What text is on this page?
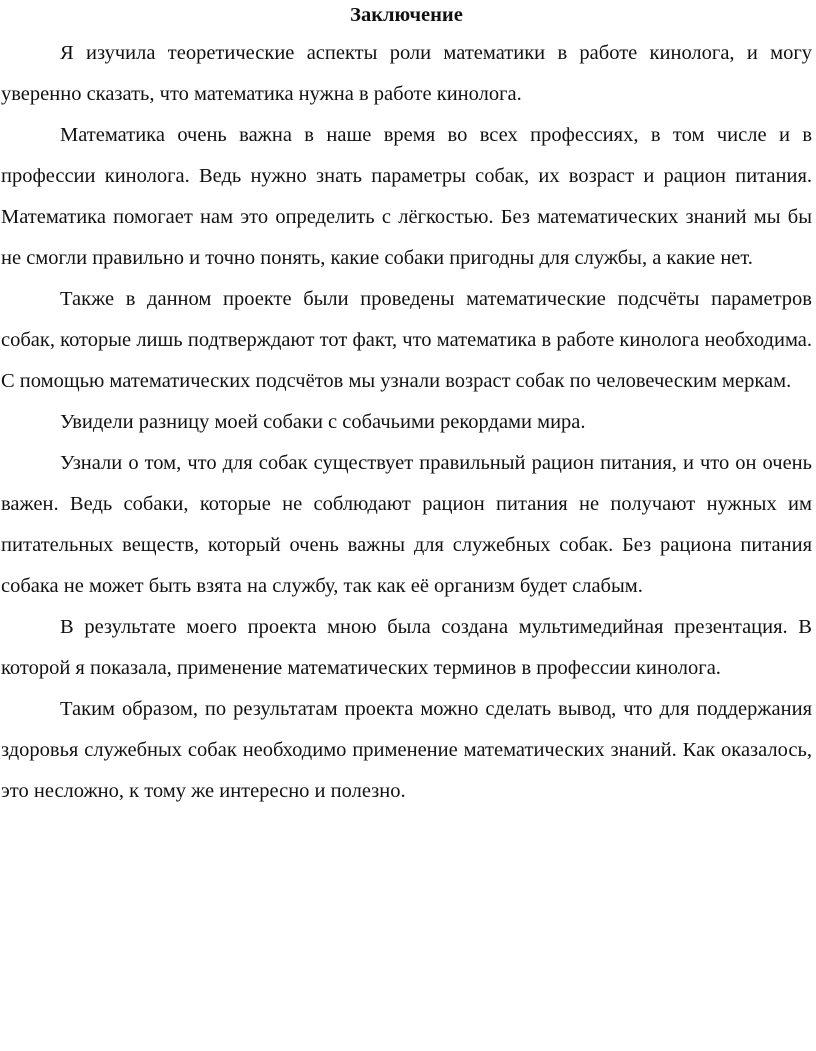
Заключение

Я изучила теоретические аспекты роли математики в работе кинолога, и могу уверенно сказать, что математика нужна в работе кинолога.

Математика очень важна в наше время во всех профессиях, в том числе и в профессии кинолога. Ведь нужно знать параметры собак, их возраст и рацион питания. Математика помогает нам это определить с лёгкостью. Без математических знаний мы бы не смогли правильно и точно понять, какие собаки пригодны для службы, а какие нет.

Также в данном проекте были проведены математические подсчёты параметров собак, которые лишь подтверждают тот факт, что математика в работе кинолога необходима. С помощью математических подсчётов мы узнали возраст собак по человеческим меркам.

Увидели разницу моей собаки с собачьими рекордами мира.

Узнали о том, что для собак существует правильный рацион питания, и что он очень важен. Ведь собаки, которые не соблюдают рацион питания не получают нужных им питательных веществ, который очень важны для служебных собак. Без рациона питания собака не может быть взята на службу, так как её организм будет слабым.

В результате моего проекта мною была создана мультимедийная презентация. В которой я показала, применение математических терминов в профессии кинолога.

Таким образом, по результатам проекта можно сделать вывод, что для поддержания здоровья служебных собак необходимо применение математических знаний. Как оказалось, это несложно, к тому же интересно и полезно.
